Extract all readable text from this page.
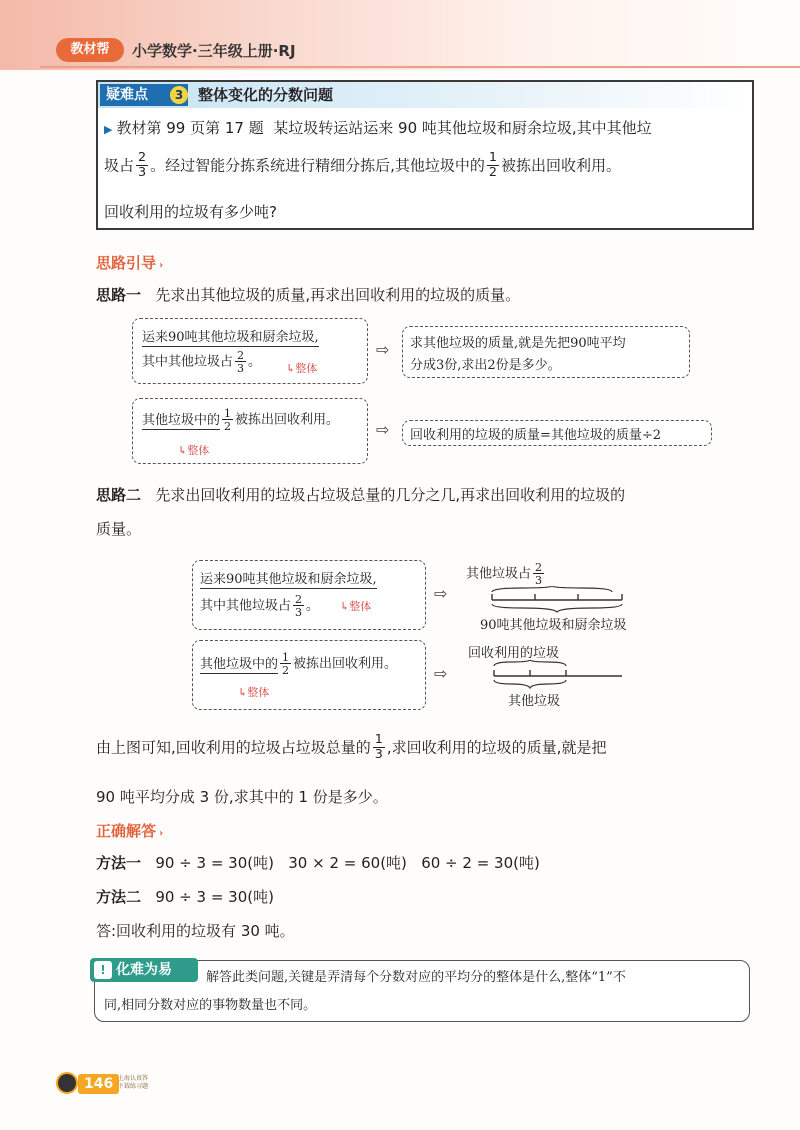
教材帮	小学数学·三年级上册·RJ
疑难点	3 整体变化的分数问题
▶ 教材第 99 页第 17 题 某垃圾转运站运来 90 吨其他垃圾和厨余垃圾,其中其他垃
圾占 $\frac{2}{3}$ 。经过智能分拣系统进行精细分拣后,其他垃圾中的 $\frac{1}{2}$ 被拣出回收利用。
回收利用的垃圾有多少吨?
思路引导 ›
思路一 先求出其他垃圾的质量,再求出回收利用的垃圾的质量。
运来90吨其他垃圾和厨余垃圾,
其中其他垃圾占 $\frac{2}{3}$ 。 ↳整体
⇨ 求其他垃圾的质量,就是先把90吨平均
分成3份,求出2份是多少。
其他垃圾中的 $\frac{1}{2}$ 被拣出回收利用。
↳整体
⇨ 回收利用的垃圾的质量=其他垃圾的质量÷2
思路二 先求出回收利用的垃圾占垃圾总量的几分之几,再求出回收利用的垃圾的
质量。
运来90吨其他垃圾和厨余垃圾,
其中其他垃圾占 $\frac{2}{3}$ 。 ↳整体
⇨
其他垃圾占 $\frac{2}{3}$
90吨其他垃圾和厨余垃圾
其他垃圾中的 $\frac{1}{2}$ 被拣出回收利用。
↳整体
⇨
回收利用的垃圾
其他垃圾
由上图可知,回收利用的垃圾占垃圾总量的 $\frac{1}{3}$ ,求回收利用的垃圾的质量,就是把
90 吨平均分成 3 份,求其中的 1 份是多少。
正确解答 ›
方法一 90 ÷ 3 = 30(吨)   30 × 2 = 60(吨)   60 ÷ 2 = 30(吨)
方法二 90 ÷ 3 = 30(吨)
答:回收利用的垃圾有 30 吨。
化难为易
!	解答此类问题,关键是弄清每个分数对应的平均分的整体是什么,整体“1”不
同,相同分数对应的事物数量也不同。
146 上海认真答
下载练习题
